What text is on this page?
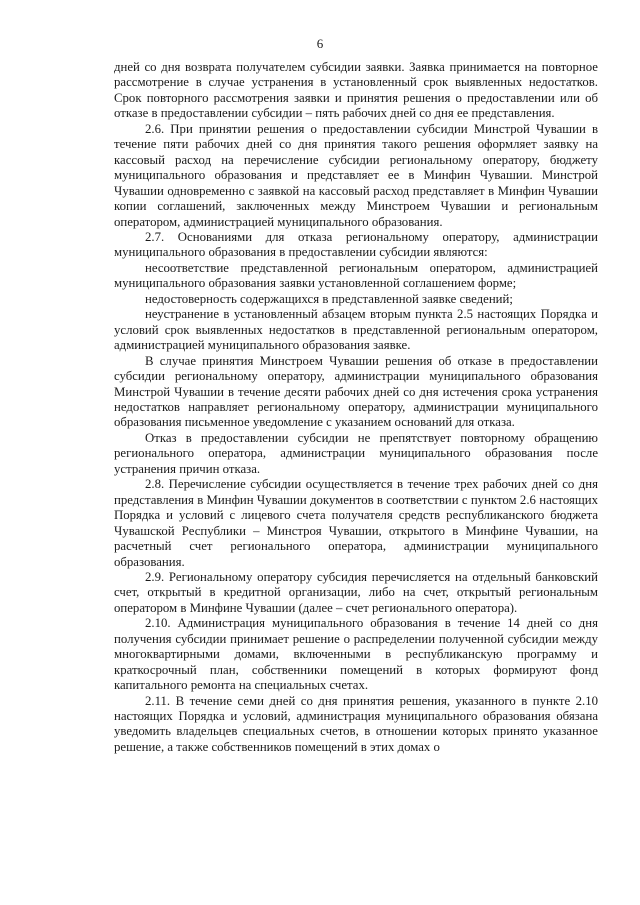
6

дней со дня возврата получателем субсидии заявки. Заявка принимается на повторное рассмотрение в случае устранения в установленный срок выявленных недостатков. Срок повторного рассмотрения заявки и принятия решения о предоставлении или об отказе в предоставлении субсидии – пять рабочих дней со дня ее представления.

2.6. При принятии решения о предоставлении субсидии Минстрой Чувашии в течение пяти рабочих дней со дня принятия такого решения оформляет заявку на кассовый расход на перечисление субсидии региональному оператору, бюджету муниципального образования и представляет ее в Минфин Чувашии. Минстрой Чувашии одновременно с заявкой на кассовый расход представляет в Минфин Чувашии копии соглашений, заключенных между Минстроем Чувашии и региональным оператором, администрацией муниципального образования.

2.7. Основаниями для отказа региональному оператору, администрации муниципального образования в предоставлении субсидии являются:

несоответствие представленной региональным оператором, администрацией муниципального образования заявки установленной соглашением форме;

недостоверность содержащихся в представленной заявке сведений;

неустранение в установленный абзацем вторым пункта 2.5 настоящих Порядка и условий срок выявленных недостатков в представленной региональным оператором, администрацией муниципального образования заявке.

В случае принятия Минстроем Чувашии решения об отказе в предоставлении субсидии региональному оператору, администрации муниципального образования Минстрой Чувашии в течение десяти рабочих дней со дня истечения срока устранения недостатков направляет региональному оператору, администрации муниципального образования письменное уведомление с указанием оснований для отказа.

Отказ в предоставлении субсидии не препятствует повторному обращению регионального оператора, администрации муниципального образования после устранения причин отказа.

2.8. Перечисление субсидии осуществляется в течение трех рабочих дней со дня представления в Минфин Чувашии документов в соответствии с пунктом 2.6 настоящих Порядка и условий с лицевого счета получателя средств республиканского бюджета Чувашской Республики – Минстроя Чувашии, открытого в Минфине Чувашии, на расчетный счет регионального оператора, администрации муниципального образования.

2.9. Региональному оператору субсидия перечисляется на отдельный банковский счет, открытый в кредитной организации, либо на счет, открытый региональным оператором в Минфине Чувашии (далее – счет регионального оператора).

2.10. Администрация муниципального образования в течение 14 дней со дня получения субсидии принимает решение о распределении полученной субсидии между многоквартирными домами, включенными в республиканскую программу и краткосрочный план, собственники помещений в которых формируют фонд капитального ремонта на специальных счетах.

2.11. В течение семи дней со дня принятия решения, указанного в пункте 2.10 настоящих Порядка и условий, администрация муниципального образования обязана уведомить владельцев специальных счетов, в отношении которых принято указанное решение, а также собственников помещений в этих домах о
